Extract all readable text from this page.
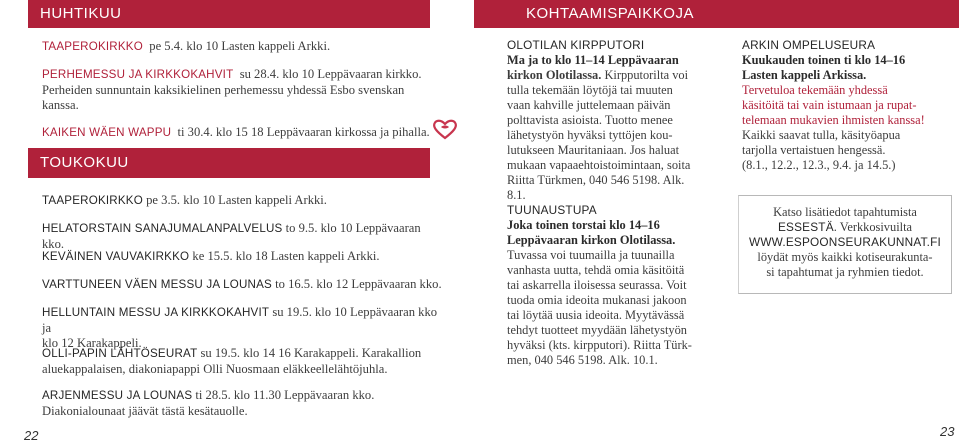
HUHTIKUU
TOUKOKUU
KOHTAAMISPAIKKOJA
TAAPEROKIRKKO pe 5.4. klo 10 Lasten kappeli Arkki.
PERHEMESSU JA KIRKKOKAHVIT su 28.4. klo 10 Leppävaaran kirkko.
Perheiden sunnuntain kaksikielinen perhemessu yhdessä Esbo svenskan
kanssa.
KAIKEN WÄEN WAPPU ti 30.4. klo 15 18 Leppävaaran kirkossa ja pihalla.
TAAPEROKIRKKO pe 3.5. klo 10 Lasten kappeli Arkki.
HELATORSTAIN SANAJUMALANPALVELUS to 9.5. klo 10 Leppävaaran kko.
KEVÄINEN VAUVAKIRKKO ke 15.5. klo 18 Lasten kappeli Arkki.
VARTTUNEEN VÄEN MESSU JA LOUNAS to 16.5. klo 12 Leppävaaran kko.
HELLUNTAIN MESSU JA KIRKKOKAHVIT su 19.5. klo 10 Leppävaaran kko ja
klo 12 Karakappeli.
OLLI-PAPIN LÄHTÖSEURAT su 19.5. klo 14 16 Karakappeli. Karakallion
aluekappalaisen, diakoniapappi Olli Nuosmaan eläkkeellelähtöjuhla.
ARJENMESSU JA LOUNAS ti 28.5. klo 11.30 Leppävaaran kko.
Diakonialounaat jäävät tästä kesätauolle.
OLOTILAN KIRPPUTORI
Ma ja to klo 11–14 Leppävaaran
kirkon Olotilassa. Kirpputorilta voi
tulla tekemään löytöjä tai muuten
vaan kahville juttelemaan päivän
polttavista asioista. Tuotto menee
lähetystyön hyväksi tyttöjen kou-
lutukseen Mauritaniaan. Jos haluat
mukaan vapaaehtoistoimintaan, soita
Riitta Türkmen, 040 546 5198. Alk.
8.1.
TUUNAUSTUPA
Joka toinen torstai klo 14–16
Leppävaaran kirkon Olotilassa.
Tuvassa voi tuumailla ja tuunailla
vanhasta uutta, tehdä omia käsitöitä
tai askarrella iloisessa seurassa. Voit
tuoda omia ideoita mukanasi jakoon
tai löytää uusia ideoita. Myytävässä
tehdyt tuotteet myydään lähetystyön
hyväksi (kts. kirpputori). Riitta Türk-
men, 040 546 5198. Alk. 10.1.
ARKIN OMPELUSEURA
Kuukauden toinen ti klo 14–16
Lasten kappeli Arkissa.
Tervetuloa tekemään yhdessä
käsitöitä tai vain istumaan ja rupat-
telemaan mukavien ihmisten kanssa!
Kaikki saavat tulla, käsityöapua
tarjolla vertaistuen hengessä.
(8.1., 12.2., 12.3., 9.4. ja 14.5.)
Katso lisätiedot tapahtumista
ESSESTÄ. Verkkosivuilta
WWW.ESPOONSEURAKUNNAT.FI
löydät myös kaikki kotiseurakunta-
si tapahtumat ja ryhmien tiedot.
22	23
